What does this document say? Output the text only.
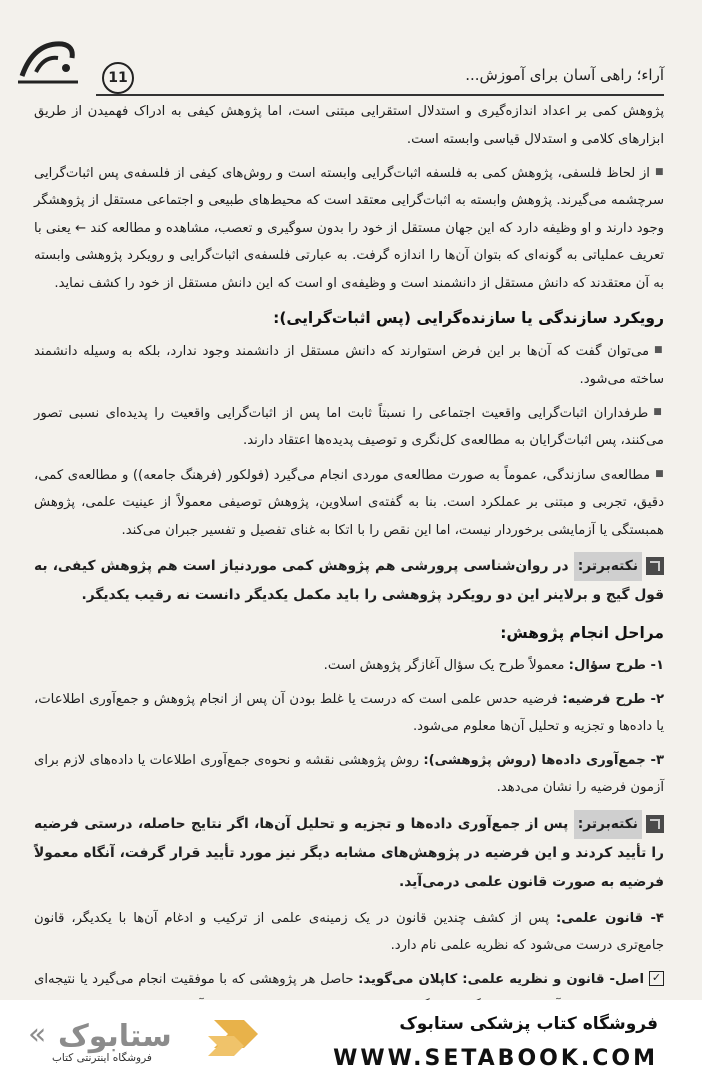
آراء؛ راهی آسان برای آموزش...
11

پژوهش کمی بر اعداد اندازه‌گیری و استدلال استقرایی مبتنی است، اما پژوهش کیفی به ادراک فهمیدن از طریق ابزارهای کلامی و استدلال قیاسی وابسته است.

■ از لحاظ فلسفی، پژوهش کمی به فلسفه اثبات‌گرایی وابسته است و روش‌های کیفی از فلسفه‌ی پس اثبات‌گرایی سرچشمه می‌گیرند. پژوهش وابسته به اثبات‌گرایی معتقد است که محیط‌های طبیعی و اجتماعی مستقل از پژوهشگر وجود دارند و او وظیفه دارد که این جهان مستقل از خود را بدون سوگیری و تعصب، مشاهده و مطالعه کند ← یعنی با تعریف عملیاتی به گونه‌ای که بتوان آن‌ها را اندازه گرفت. به عبارتی فلسفه‌ی اثبات‌گرایی و رویکرد پژوهشی وابسته به آن معتقدند که دانش مستقل از دانشمند است و وظیفه‌ی او است که این دانش مستقل از خود را کشف نماید.

رویکرد سازندگی یا سازنده‌گرایی (پس اثبات‌گرایی):

■ می‌توان گفت که آن‌ها بر این فرض استوارند که دانش مستقل از دانشمند وجود ندارد، بلکه به وسیله دانشمند ساخته می‌شود.

■ طرفداران اثبات‌گرایی واقعیت اجتماعی را نسبتاً ثابت اما پس از اثبات‌گرایی واقعیت را پدیده‌ای نسبی تصور می‌کنند، پس اثبات‌گرایان به مطالعه‌ی کل‌نگری و توصیف پدیده‌ها اعتقاد دارند.

■ مطالعه‌ی سازندگی، عموماً به صورت مطالعه‌ی موردی انجام می‌گیرد (فولکور (فرهنگ جامعه)) و مطالعه‌ی کمی، دقیق، تجربی و مبتنی بر عملکرد است. بنا به گفته‌ی اسلاوین، پژوهش توصیفی معمولاً از عینیت علمی، پژوهش همبستگی یا آزمایشی برخوردار نیست، اما این نقص را با اتکا به غنای تفصیل و تفسیر جبران می‌کند.

نکته‌برتر: در روان‌شناسی پرورشی هم پژوهش کمی موردنیاز است هم پژوهش کیفی، به قول گیج و برلاینر این دو رویکرد پژوهشی را باید مکمل یکدیگر دانست نه رقیب یکدیگر.
مراحل انجام پژوهش:

۱- طرح سؤال: معمولاً طرح یک سؤال آغازگر پژوهش است.

۲- طرح فرضیه: فرضیه حدس علمی است که درست یا غلط بودن آن پس از انجام پژوهش و جمع‌آوری اطلاعات، یا داده‌ها و تجزیه و تحلیل آن‌ها معلوم می‌شود.

۳- جمع‌آوری داده‌ها (روش پژوهشی): روش پژوهشی نقشه و نحوه‌ی جمع‌آوری اطلاعات یا داده‌های لازم برای آزمون فرضیه را نشان می‌دهد.

نکته‌برتر: پس از جمع‌آوری داده‌ها و تجزیه و تحلیل آن‌ها، اگر نتایج حاصله، درستی فرضیه را تأیید کردند و این فرضیه در پژوهش‌های مشابه دیگر نیز مورد تأیید قرار گرفت، آنگاه معمولاً فرضیه به صورت قانون علمی درمی‌آید.

۴- قانون علمی: پس از کشف چندین قانون در یک زمینه‌ی علمی از ترکیب و ادغام آن‌ها با یکدیگر، قانون جامع‌تری درست می‌شود که نظریه علمی نام دارد.

✓اصل- قانون و نظریه علمی: کاپلان می‌گوید: حاصل هر پژوهشی که با موفقیت انجام می‌گیرد یا نتیجه‌ای

« ستابوک
فروشگاه اینترنتی کتاب
فروشگاه کتاب پزشکی ستابوک
WWW.SETABOOK.COM
